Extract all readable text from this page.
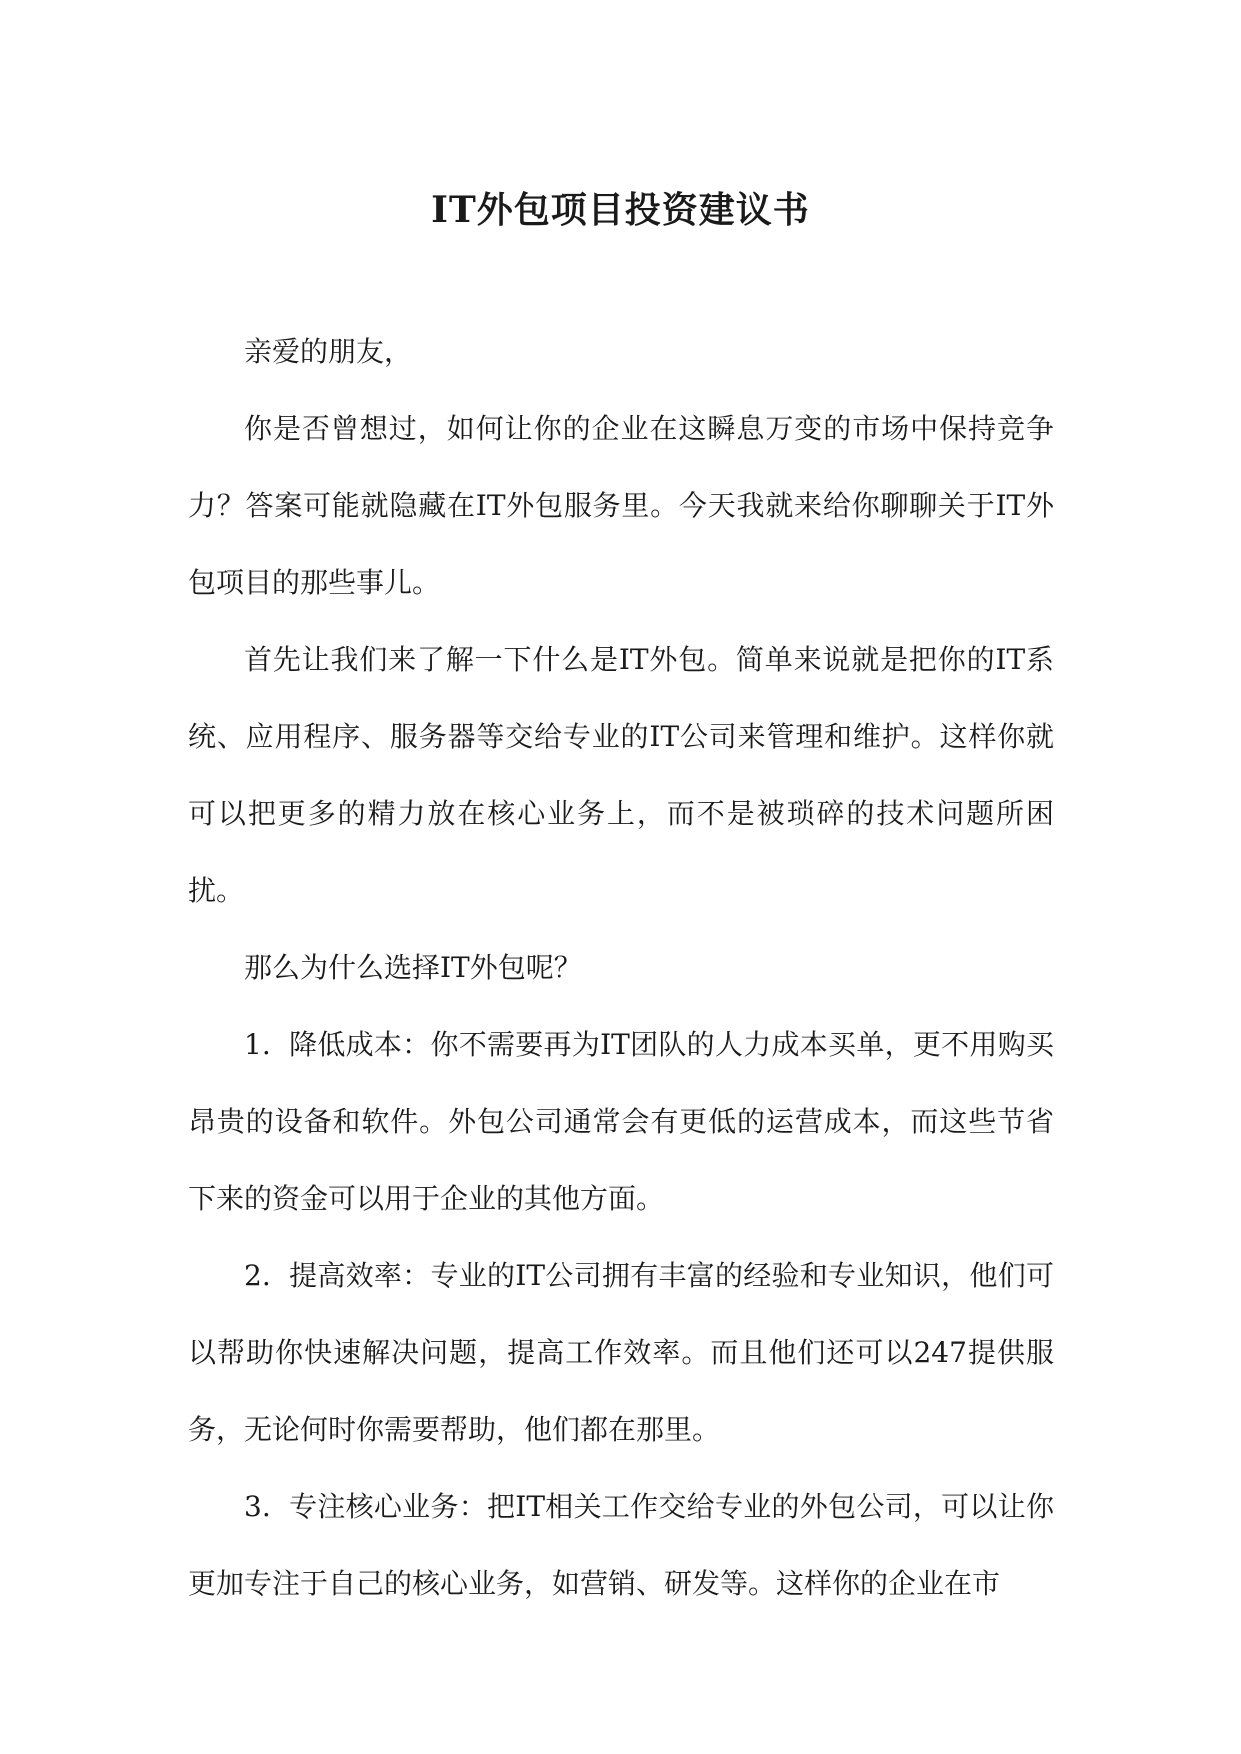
IT外包项目投资建议书

亲爱的朋友，

你是否曾想过，如何让你的企业在这瞬息万变的市场中保持竞争力？答案可能就隐藏在IT外包服务里。今天我就来给你聊聊关于IT外包项目的那些事儿。

首先让我们来了解一下什么是IT外包。简单来说就是把你的IT系统、应用程序、服务器等交给专业的IT公司来管理和维护。这样你就可以把更多的精力放在核心业务上，而不是被琐碎的技术问题所困扰。

那么为什么选择IT外包呢？

1. 降低成本：你不需要再为IT团队的人力成本买单，更不用购买昂贵的设备和软件。外包公司通常会有更低的运营成本，而这些节省下来的资金可以用于企业的其他方面。

2. 提高效率：专业的IT公司拥有丰富的经验和专业知识，他们可以帮助你快速解决问题，提高工作效率。而且他们还可以247提供服务，无论何时你需要帮助，他们都在那里。

3. 专注核心业务：把IT相关工作交给专业的外包公司，可以让你更加专注于自己的核心业务，如营销、研发等。这样你的企业在市
